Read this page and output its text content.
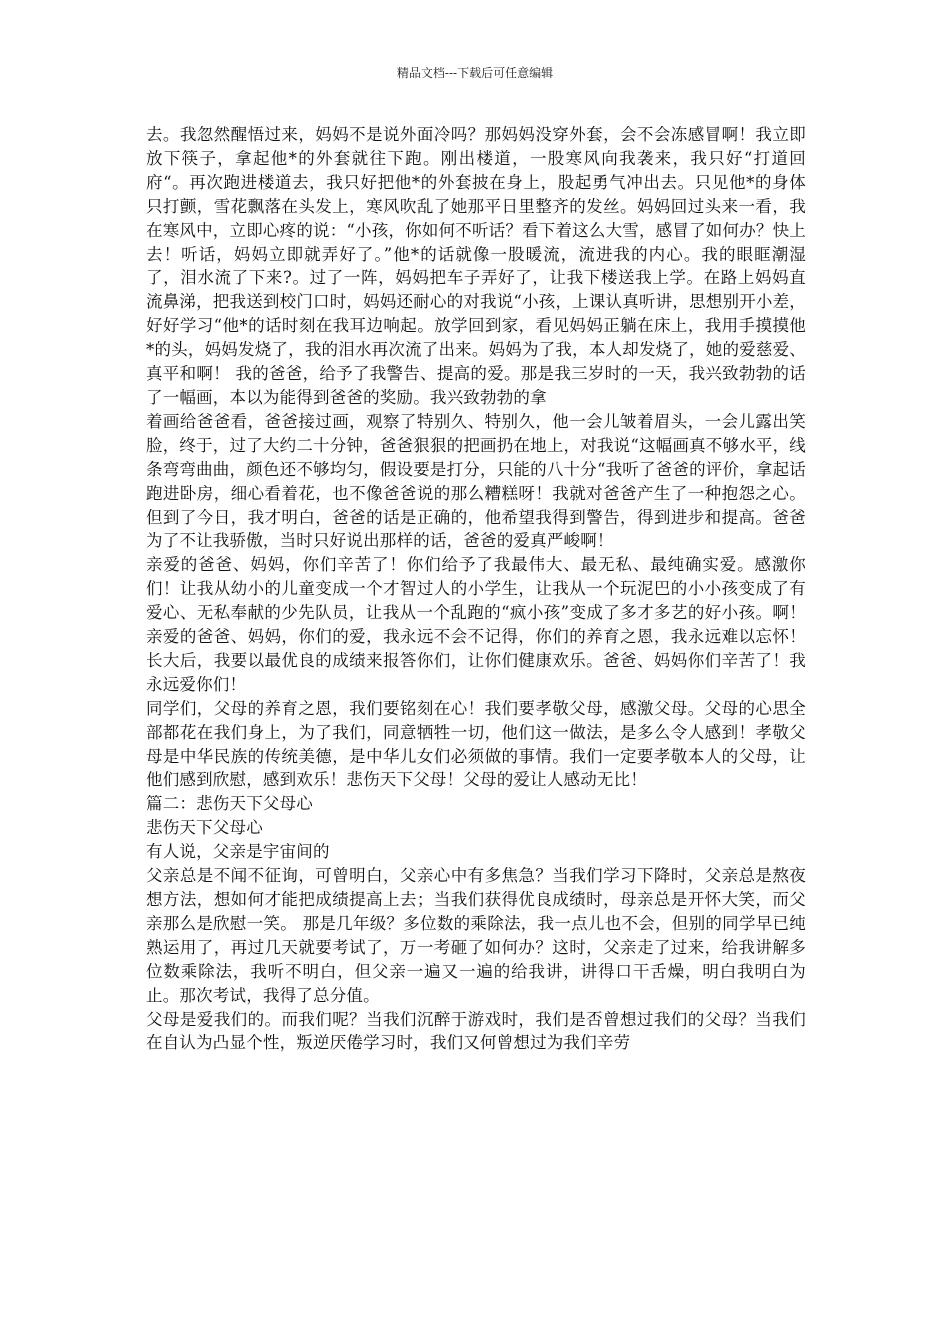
精品文档---下载后可任意编辑

去。我忽然醒悟过来，妈妈不是说外面冷吗？那妈妈没穿外套，会不会冻感冒啊！我立即放下筷子，拿起他*的外套就往下跑。刚出楼道，一股寒风向我袭来，我只好“打道回府“。再次跑进楼道去，我只好把他*的外套披在身上，股起勇气冲出去。只见他*的身体只打颤，雪花飘落在头发上，寒风吹乱了她那平日里整齐的发丝。妈妈回过头来一看，我在寒风中，立即心疼的说：“小孩，你如何不听话？看下着这么大雪，感冒了如何办？快上去！听话，妈妈立即就弄好了。”他*的话就像一股暖流，流进我的内心。我的眼眶潮湿了，泪水流了下来?。过了一阵，妈妈把车子弄好了，让我下楼送我上学。在路上妈妈直流鼻涕，把我送到校门口时，妈妈还耐心的对我说“小孩，上课认真听讲，思想别开小差，好好学习“他*的话时刻在我耳边响起。放学回到家，看见妈妈正躺在床上，我用手摸摸他*的头，妈妈发烧了，我的泪水再次流了出来。妈妈为了我，本人却发烧了，她的爱慈爱、真平和啊！ 我的爸爸，给予了我警告、提高的爱。那是我三岁时的一天，我兴致勃勃的话了一幅画，本以为能得到爸爸的奖励。我兴致勃勃的拿

着画给爸爸看，爸爸接过画，观察了特别久、特别久，他一会儿皱着眉头，一会儿露出笑脸，终于，过了大约二十分钟，爸爸狠狠的把画扔在地上，对我说“这幅画真不够水平，线条弯弯曲曲，颜色还不够均匀，假设要是打分，只能的八十分“我听了爸爸的评价，拿起话跑进卧房，细心看着花，也不像爸爸说的那么糟糕呀！我就对爸爸产生了一种抱怨之心。但到了今日，我才明白，爸爸的话是正确的，他希望我得到警告，得到进步和提高。爸爸为了不让我骄傲，当时只好说出那样的话，爸爸的爱真严峻啊！

亲爱的爸爸、妈妈，你们辛苦了！你们给予了我最伟大、最无私、最纯确实爱。感激你们！让我从幼小的儿童变成一个才智过人的小学生，让我从一个玩泥巴的小小孩变成了有爱心、无私奉献的少先队员，让我从一个乱跑的“疯小孩”变成了多才多艺的好小孩。啊！亲爱的爸爸、妈妈，你们的爱，我永远不会不记得，你们的养育之恩，我永远难以忘怀！长大后，我要以最优良的成绩来报答你们，让你们健康欢乐。爸爸、妈妈你们辛苦了！我永远爱你们！

同学们，父母的养育之恩，我们要铭刻在心！我们要孝敬父母，感激父母。父母的心思全部都花在我们身上，为了我们，同意牺牲一切，他们这一做法，是多么令人感到！孝敬父母是中华民族的传统美德，是中华儿女们必须做的事情。我们一定要孝敬本人的父母，让他们感到欣慰，感到欢乐！悲伤天下父母！父母的爱让人感动无比！

篇二：悲伤天下父母心

悲伤天下父母心

有人说，父亲是宇宙间的

父亲总是不闻不征询，可曾明白，父亲心中有多焦急？当我们学习下降时，父亲总是熬夜想方法，想如何才能把成绩提高上去；当我们获得优良成绩时，母亲总是开怀大笑，而父亲那么是欣慰一笑。 那是几年级？多位数的乘除法，我一点儿也不会，但别的同学早已纯熟运用了，再过几天就要考试了，万一考砸了如何办？这时，父亲走了过来，给我讲解多位数乘除法，我听不明白，但父亲一遍又一遍的给我讲，讲得口干舌燥，明白我明白为止。那次考试，我得了总分值。

父母是爱我们的。而我们呢？当我们沉醉于游戏时，我们是否曾想过我们的父母？当我们在自认为凸显个性，叛逆厌倦学习时，我们又何曾想过为我们辛劳
